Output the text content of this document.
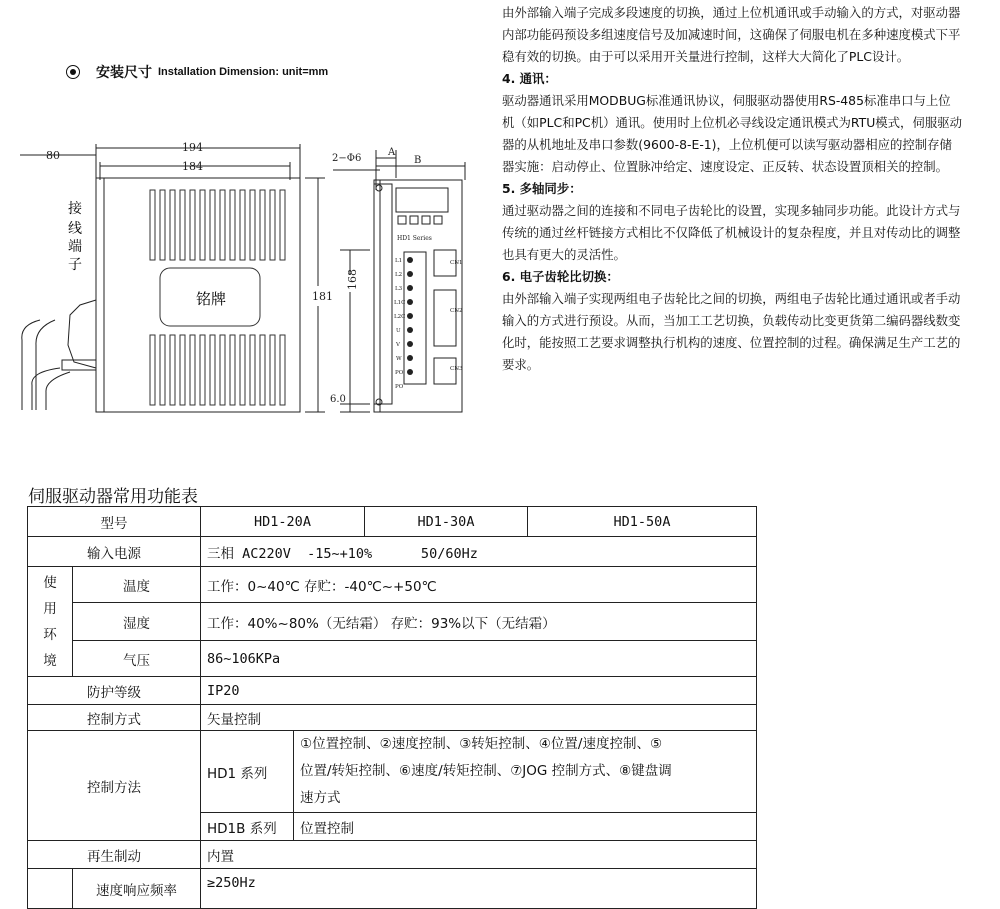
安装尺寸 Installation Dimension: unit=mm
80
194
184
181
2−Φ6
A
B
168
6.0
接
线
端
子
铭牌
HD1 Series
L1
L2
L3
L1C
L2C
U
V
W
PO
PO
CN1
CN2
CN3

由外部输入端子完成多段速度的切换，通过上位机通讯或手动输入的方式，对驱动器内部功能码预设多组速度信号及加减速时间，这确保了伺服电机在多种速度模式下平稳有效的切换。由于可以采用开关量进行控制，这样大大简化了PLC设计。

4. 通讯：

驱动器通讯采用MODBUG标准通讯协议，伺服驱动器使用RS-485标准串口与上位机（如PLC和PC机）通讯。使用时上位机必寻线设定通讯模式为RTU模式，伺服驱动器的从机地址及串口参数(9600-8-E-1)，上位机便可以读写驱动器相应的控制存储器实施：启动停止、位置脉冲给定、速度设定、正反转、状态设置顶相关的控制。

5. 多轴同步：

通过驱动器之间的连接和不同电子齿轮比的设置，实现多轴同步功能。此设计方式与传统的通过丝杆链接方式相比不仅降低了机械设计的复杂程度，并且对传动比的调整也具有更大的灵活性。

6. 电子齿轮比切换：

由外部输入端子实现两组电子齿轮比之间的切换，两组电子齿轮比通过通讯或者手动输入的方式进行预设。从而，当加工工艺切换，负载传动比变更货第二编码器线数变化时，能按照工艺要求调整执行机构的速度、位置控制的过程。确保满足生产工艺的要求。

伺服驱动器常用功能表
型号		HD1-20A		HD1-30A	HD1-50A
输入电源		三相 AC220V  -15~+10%      50/60Hz			

使
用
环
境	温度	工作：0~40℃ 存贮：-40℃~+50℃			
	湿度	工作：40%~80%（无结霜） 存贮：93%以下（无结霜）			
	气压	86~106KPa			
防护等级		IP20			
控制方式		矢量控制			
控制方法		HD1 系列	①位置控制、②速度控制、③转矩控制、④位置/速度控制、⑤
位置/转矩控制、⑥速度/转矩控制、⑦JOG 控制方式、⑧键盘调
速方式		

		HD1B 系列	位置控制		
再生制动		内置			
	速度响应频率	≥250Hz			
